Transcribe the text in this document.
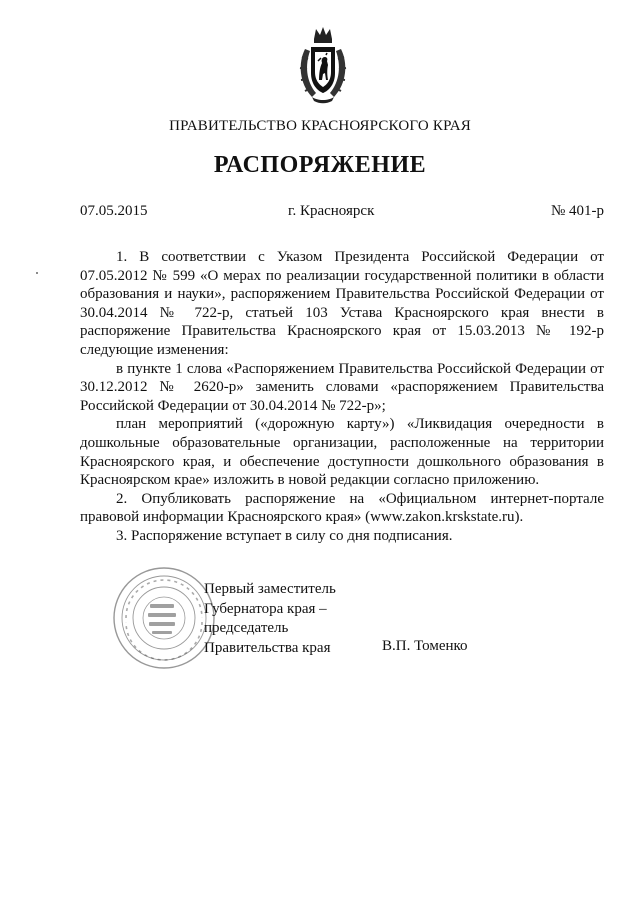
ПРАВИТЕЛЬСТВО КРАСНОЯРСКОГО КРАЯ
РАСПОРЯЖЕНИЕ
07.05.2015	г. Красноярск	№ 401-р

1. В соответствии с Указом Президента Российской Федерации от 07.05.2012 № 599 «О мерах по реализации государственной политики в области образования и науки», распоряжением Правительства Российской Федерации от 30.04.2014 № 722-р, статьей 103 Устава Красноярского края внести в распоряжение Правительства Красноярского края от 15.03.2013 № 192-р следующие изменения:

в пункте 1 слова «Распоряжением Правительства Российской Федерации от 30.12.2012 № 2620-р» заменить словами «распоряжением Правительства Российской Федерации от 30.04.2014 № 722-р»;

план мероприятий («дорожную карту») «Ликвидация очередности в дошкольные образовательные организации, расположенные на территории Красноярского края, и обеспечение доступности дошкольного образования в Красноярском крае» изложить в новой редакции согласно приложению.

2. Опубликовать распоряжение на «Официальном интернет-портале правовой информации Красноярского края» (www.zakon.krskstate.ru).

3. Распоряжение вступает в силу со дня подписания.

Первый заместитель
Губернатора края –
председатель
Правительства края	В.П. Томенко
